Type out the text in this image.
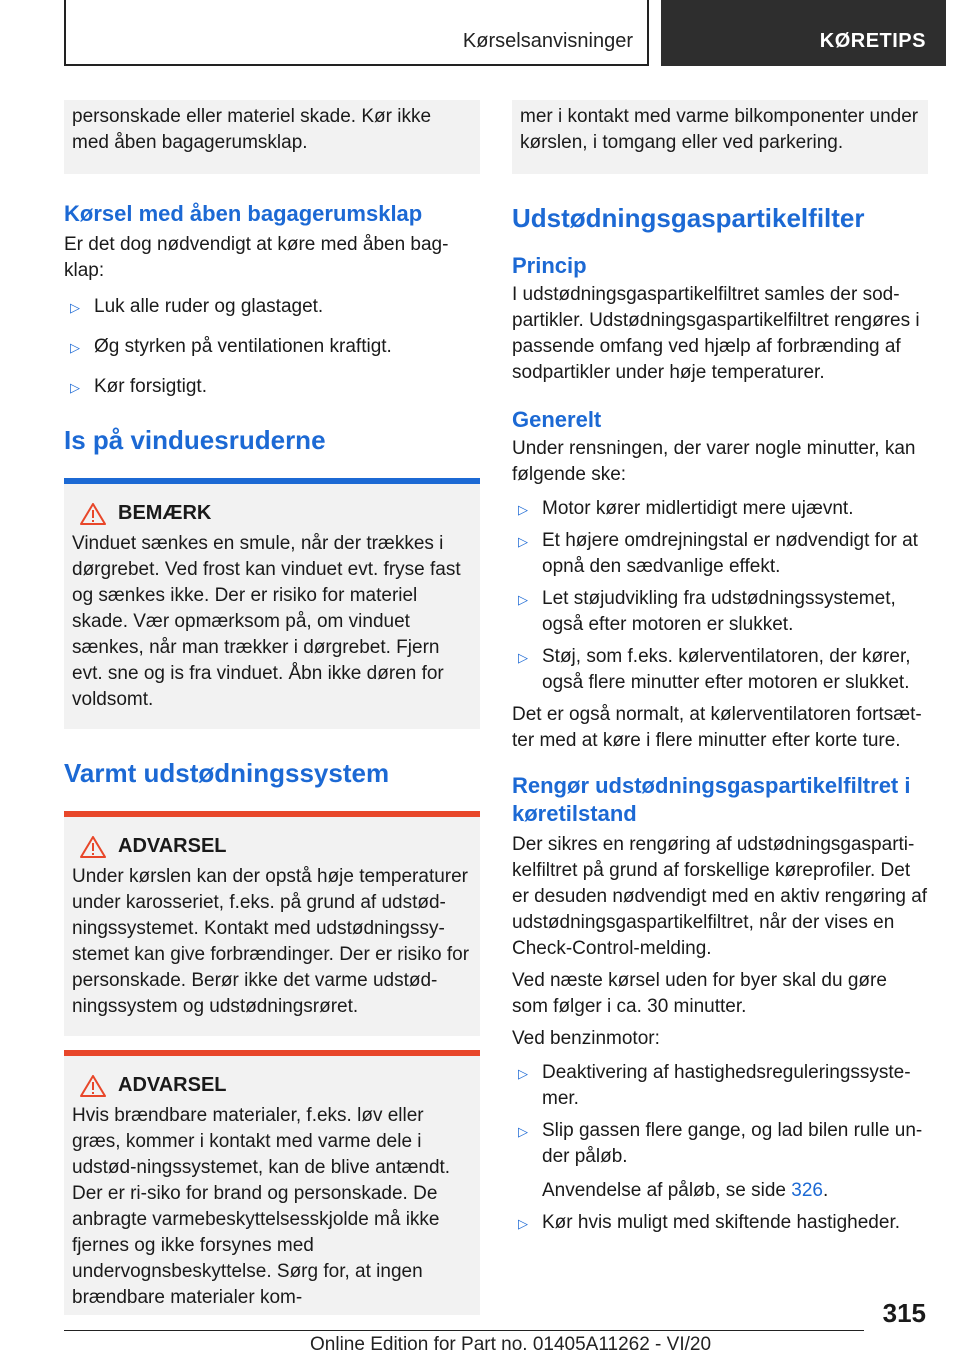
Kørselsanvisninger	KØRETIPS

personskade eller materiel skade. Kør ikke med åben bagagerumsklap.

Kørsel med åben bagagerumsklap

Er det dog nødvendigt at køre med åben bag-klap:

▷ Luk alle ruder og glastaget.
▷ Øg styrken på ventilationen kraftigt.
▷ Kør forsigtigt.
Is på vinduesruderne
BEMÆRK

Vinduet sænkes en smule, når der trækkes i dørgrebet. Ved frost kan vinduet evt. fryse fast og sænkes ikke. Der er risiko for materiel skade. Vær opmærksom på, om vinduet sænkes, når man trækker i dørgrebet. Fjern evt. sne og is fra vinduet. Åbn ikke døren for voldsomt.

Varmt udstødningssystem
ADVARSEL

Under kørslen kan der opstå høje temperaturer under karosseriet, f.eks. på grund af udstød-ningssystemet. Kontakt med udstødningssy-stemet kan give forbrændinger. Der er risiko for personskade. Berør ikke det varme udstød-ningssystem og udstødningsrøret.

ADVARSEL

Hvis brændbare materialer, f.eks. løv eller græs, kommer i kontakt med varme dele i udstød-ningssystemet, kan de blive antændt. Der er ri-siko for brand og personskade. De anbragte varmebeskyttelsesskjolde må ikke fjernes og ikke forsynes med undervognsbeskyttelse. Sørg for, at ingen brændbare materialer kom-

mer i kontakt med varme bilkomponenter under kørslen, i tomgang eller ved parkering.

Udstødningsgaspartikelfilter
Princip

I udstødningsgaspartikelfiltret samles der sod-partikler. Udstødningsgaspartikelfiltret rengøres i passende omfang ved hjælp af forbrænding af sodpartikler under høje temperaturer.

Generelt

Under rensningen, der varer nogle minutter, kan følgende ske:

▷ Motor kører midlertidigt mere ujævnt.
▷ Et højere omdrejningstal er nødvendigt for at opnå den sædvanlige effekt.
▷ Let støjudvikling fra udstødningssystemet, også efter motoren er slukket.
▷ Støj, som f.eks. kølerventilatoren, der kører, også flere minutter efter motoren er slukket.

Det er også normalt, at kølerventilatoren fortsæt-ter med at køre i flere minutter efter korte ture.

Rengør udstødningsgaspartikelfiltret i køretilstand

Der sikres en rengøring af udstødningsgasparti-kelfiltret på grund af forskellige køreprofiler. Det er desuden nødvendigt med en aktiv rengøring af udstødningsgaspartikelfiltret, når der vises en Check-Control-melding.

Ved næste kørsel uden for byer skal du gøre som følger i ca. 30 minutter.

Ved benzinmotor:

▷ Deaktivering af hastighedsreguleringssyste-mer.
▷ Slip gassen flere gange, og lad bilen rulle un-der påløb.
Anvendelse af påløb, se side 326.
▷ Kør hvis muligt med skiftende hastigheder.
315
Online Edition for Part no. 01405A11262 - VI/20
